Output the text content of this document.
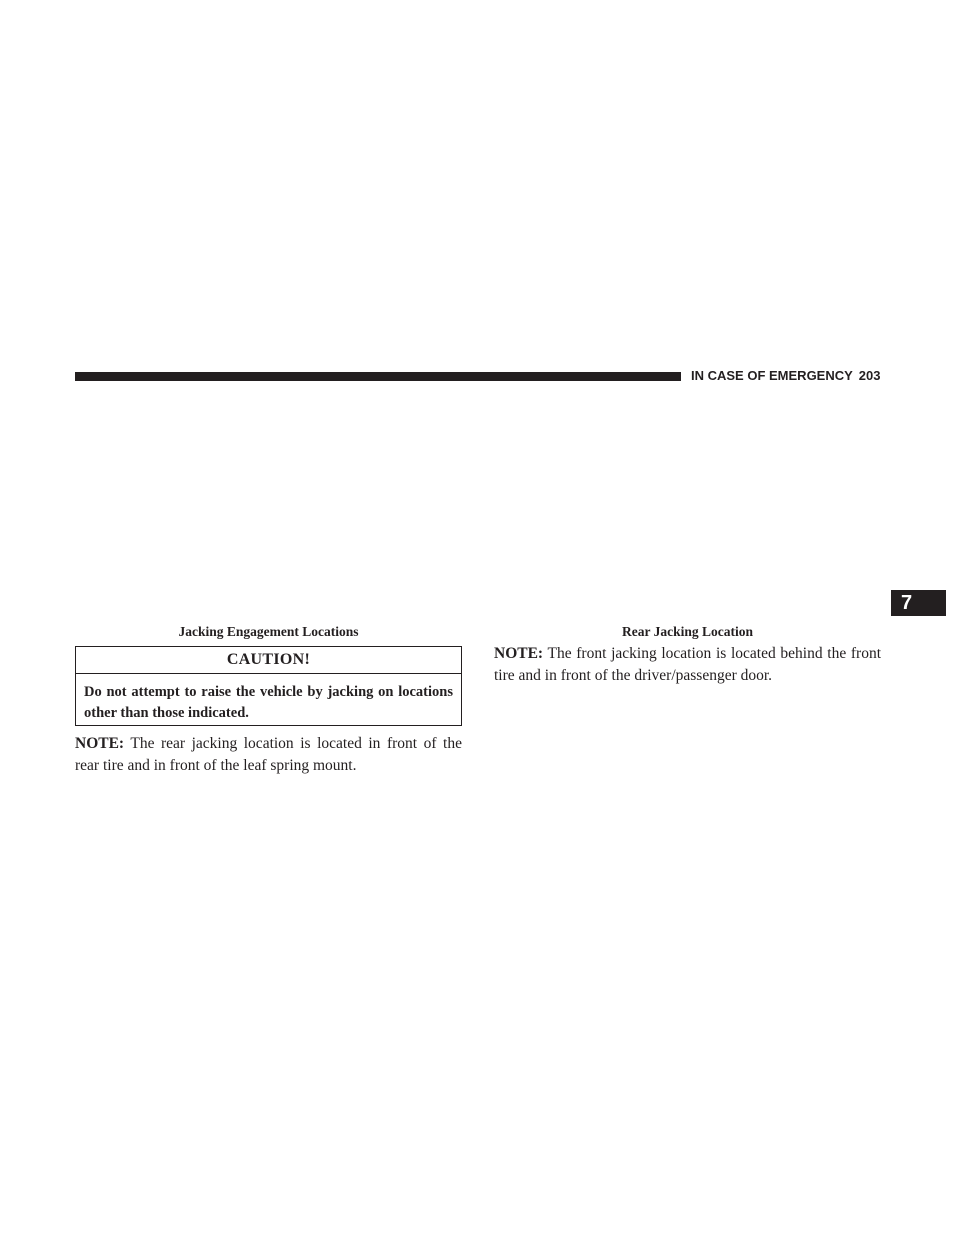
IN CASE OF EMERGENCY 203
7
Jacking Engagement Locations
CAUTION!
Do not attempt to raise the vehicle by jacking on locations other than those indicated.
NOTE: The rear jacking location is located in front of the rear tire and in front of the leaf spring mount.
Rear Jacking Location
NOTE: The front jacking location is located behind the front tire and in front of the driver/passenger door.
